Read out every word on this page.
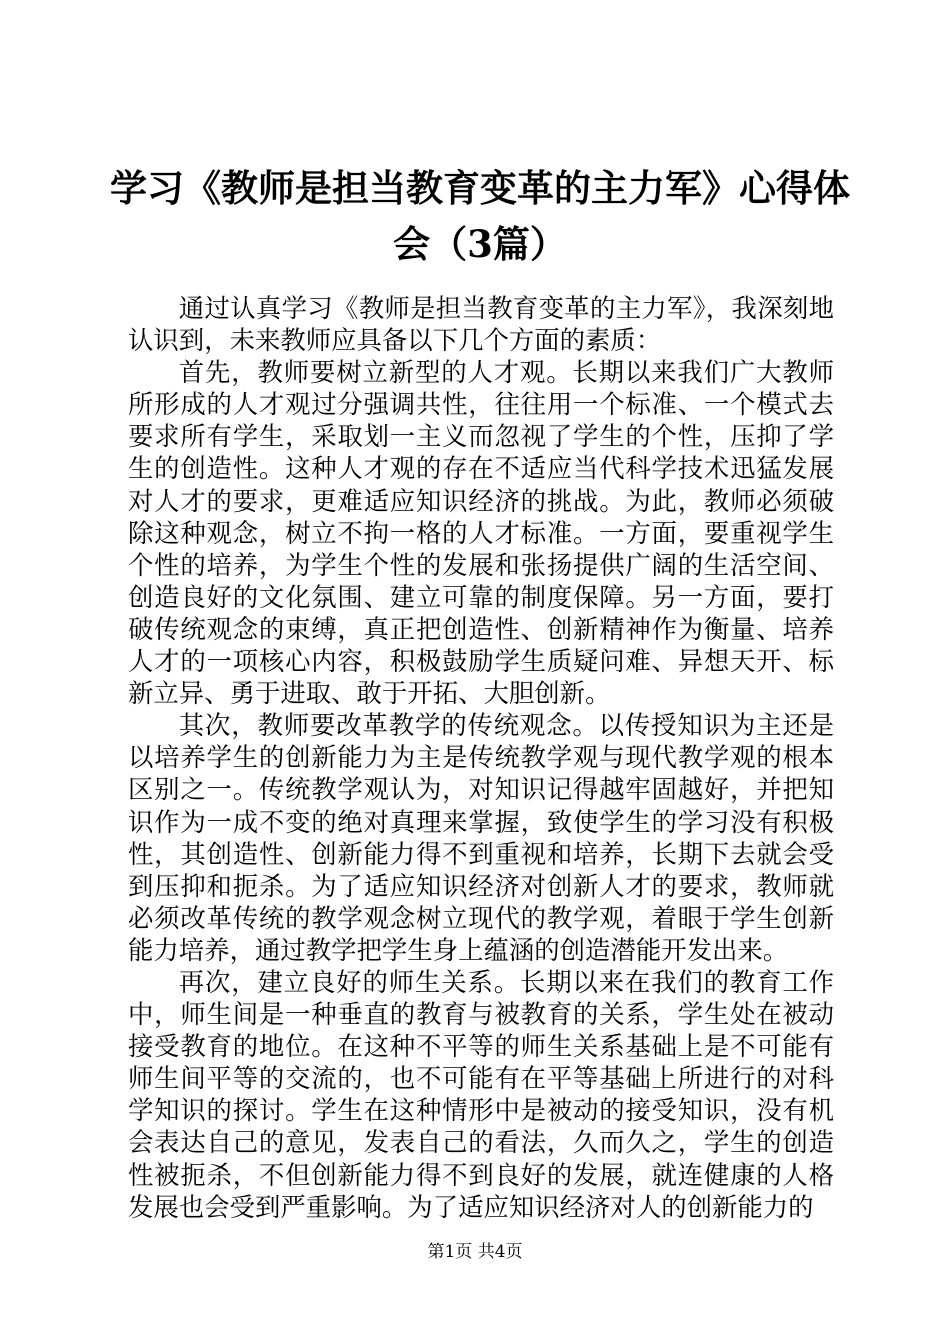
学习《教师是担当教育变革的主力军》心得体
会（3篇）

通过认真学习《教师是担当教育变革的主力军》，我深刻地认识到，未来教师应具备以下几个方面的素质：

首先，教师要树立新型的人才观。长期以来我们广大教师所形成的人才观过分强调共性，往往用一个标准、一个模式去要求所有学生，采取划一主义而忽视了学生的个性，压抑了学生的创造性。这种人才观的存在不适应当代科学技术迅猛发展对人才的要求，更难适应知识经济的挑战。为此，教师必须破除这种观念，树立不拘一格的人才标准。一方面，要重视学生个性的培养，为学生个性的发展和张扬提供广阔的生活空间、创造良好的文化氛围、建立可靠的制度保障。另一方面，要打破传统观念的束缚，真正把创造性、创新精神作为衡量、培养人才的一项核心内容，积极鼓励学生质疑问难、异想天开、标新立异、勇于进取、敢于开拓、大胆创新。

其次，教师要改革教学的传统观念。以传授知识为主还是以培养学生的创新能力为主是传统教学观与现代教学观的根本区别之一。传统教学观认为，对知识记得越牢固越好，并把知识作为一成不变的绝对真理来掌握，致使学生的学习没有积极性，其创造性、创新能力得不到重视和培养，长期下去就会受到压抑和扼杀。为了适应知识经济对创新人才的要求，教师就必须改革传统的教学观念树立现代的教学观，着眼于学生创新能力培养，通过教学把学生身上蕴涵的创造潜能开发出来。

再次，建立良好的师生关系。长期以来在我们的教育工作中，师生间是一种垂直的教育与被教育的关系，学生处在被动接受教育的地位。在这种不平等的师生关系基础上是不可能有师生间平等的交流的，也不可能有在平等基础上所进行的对科学知识的探讨。学生在这种情形中是被动的接受知识，没有机会表达自己的意见，发表自己的看法，久而久之，学生的创造性被扼杀，不但创新能力得不到良好的发展，就连健康的人格发展也会受到严重影响。为了适应知识经济对人的创新能力的

第1页 共4页
